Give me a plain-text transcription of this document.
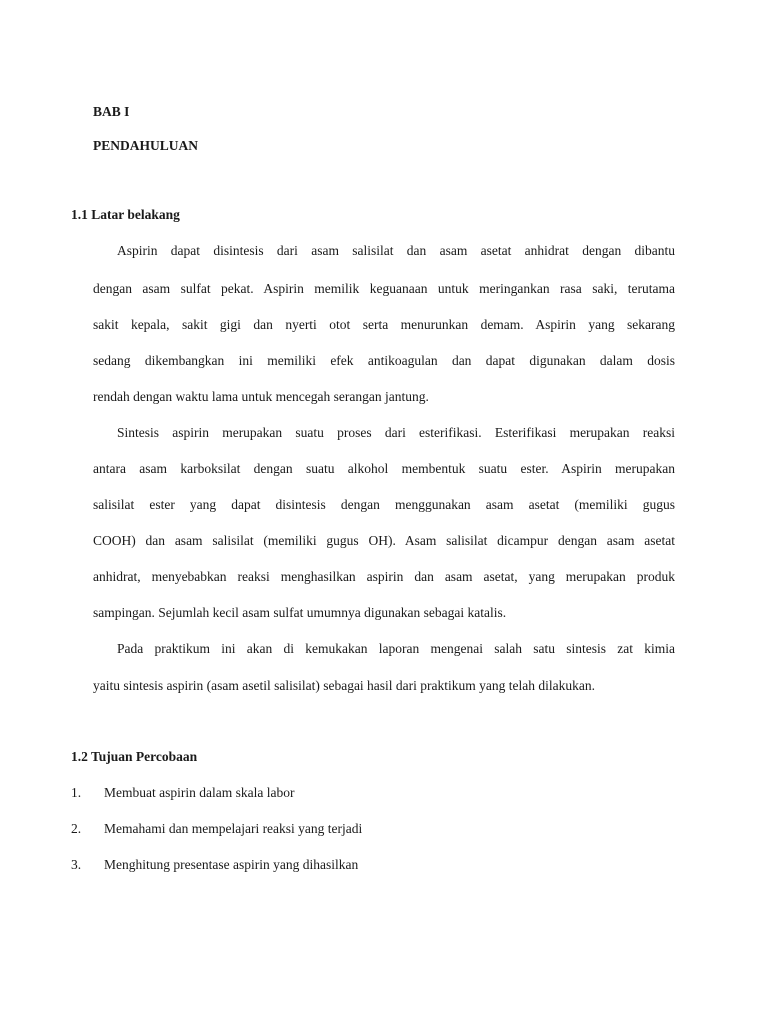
BAB I
PENDAHULUAN
1.1 Latar belakang
Aspirin dapat disintesis dari asam salisilat dan asam asetat anhidrat dengan dibantu
dengan asam sulfat pekat. Aspirin memilik keguanaan untuk meringankan rasa saki, terutama
sakit kepala, sakit gigi dan nyerti otot serta menurunkan demam. Aspirin yang sekarang
sedang dikembangkan ini memiliki efek antikoagulan dan dapat digunakan dalam dosis
rendah dengan waktu lama untuk mencegah serangan jantung.
Sintesis aspirin merupakan suatu proses dari esterifikasi. Esterifikasi merupakan reaksi
antara asam karboksilat dengan suatu alkohol membentuk suatu ester. Aspirin merupakan
salisilat ester yang dapat disintesis dengan menggunakan asam asetat (memiliki gugus
COOH) dan asam salisilat (memiliki gugus OH). Asam salisilat dicampur dengan asam asetat
anhidrat, menyebabkan reaksi menghasilkan aspirin dan asam asetat, yang merupakan produk
sampingan. Sejumlah kecil asam sulfat umumnya digunakan sebagai katalis.
Pada praktikum ini akan di kemukakan laporan mengenai salah satu sintesis zat kimia
yaitu sintesis aspirin (asam asetil salisilat) sebagai hasil dari praktikum yang telah dilakukan.
1.2 Tujuan Percobaan
1. Membuat aspirin dalam skala labor
2. Memahami dan mempelajari reaksi yang terjadi
3. Menghitung presentase aspirin yang dihasilkan
